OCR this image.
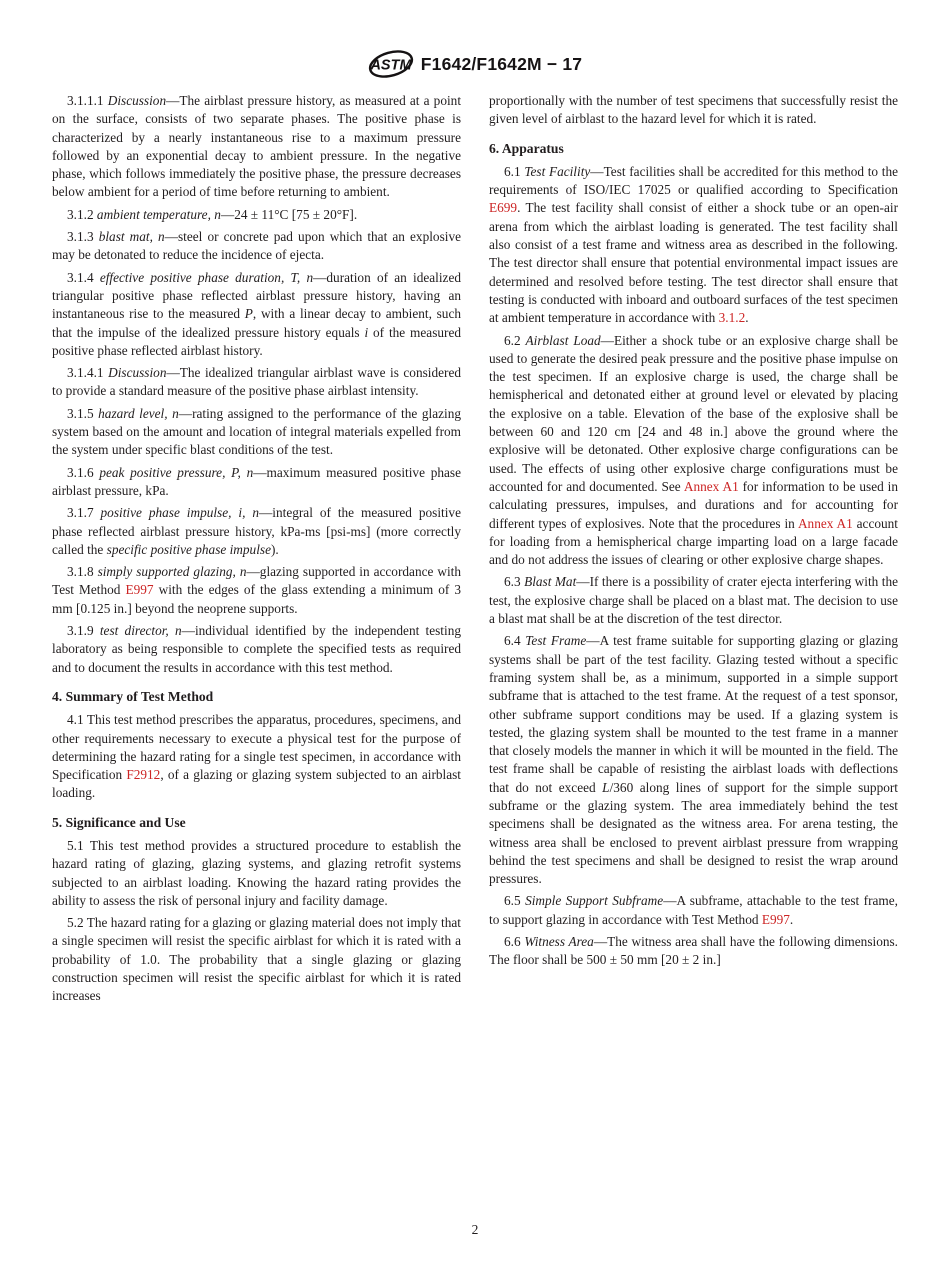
ASTM F1642/F1642M − 17

3.1.1.1 Discussion—The airblast pressure history, as measured at a point on the surface, consists of two separate phases. The positive phase is characterized by a nearly instantaneous rise to a maximum pressure followed by an exponential decay to ambient pressure. In the negative phase, which follows immediately the positive phase, the pressure decreases below ambient for a period of time before returning to ambient.

3.1.2 ambient temperature, n—24 ± 11°C [75 ± 20°F].

3.1.3 blast mat, n—steel or concrete pad upon which that an explosive may be detonated to reduce the incidence of ejecta.

3.1.4 effective positive phase duration, T, n—duration of an idealized triangular positive phase reflected airblast pressure history, having an instantaneous rise to the measured P, with a linear decay to ambient, such that the impulse of the idealized pressure history equals i of the measured positive phase reflected airblast history.

3.1.4.1 Discussion—The idealized triangular airblast wave is considered to provide a standard measure of the positive phase airblast intensity.

3.1.5 hazard level, n—rating assigned to the performance of the glazing system based on the amount and location of integral materials expelled from the system under specific blast conditions of the test.

3.1.6 peak positive pressure, P, n—maximum measured positive phase airblast pressure, kPa.

3.1.7 positive phase impulse, i, n—integral of the measured positive phase reflected airblast pressure history, kPa-ms [psi-ms] (more correctly called the specific positive phase impulse).

3.1.8 simply supported glazing, n—glazing supported in accordance with Test Method E997 with the edges of the glass extending a minimum of 3 mm [0.125 in.] beyond the neoprene supports.

3.1.9 test director, n—individual identified by the independent testing laboratory as being responsible to complete the specified tests as required and to document the results in accordance with this test method.

4. Summary of Test Method

4.1 This test method prescribes the apparatus, procedures, specimens, and other requirements necessary to execute a physical test for the purpose of determining the hazard rating for a single test specimen, in accordance with Specification F2912, of a glazing or glazing system subjected to an airblast loading.

5. Significance and Use

5.1 This test method provides a structured procedure to establish the hazard rating of glazing, glazing systems, and glazing retrofit systems subjected to an airblast loading. Knowing the hazard rating provides the ability to assess the risk of personal injury and facility damage.

5.2 The hazard rating for a glazing or glazing material does not imply that a single specimen will resist the specific airblast for which it is rated with a probability of 1.0. The probability that a single glazing or glazing construction specimen will resist the specific airblast for which it is rated increases

proportionally with the number of test specimens that successfully resist the given level of airblast to the hazard level for which it is rated.

6. Apparatus

6.1 Test Facility—Test facilities shall be accredited for this method to the requirements of ISO/IEC 17025 or qualified according to Specification E699. The test facility shall consist of either a shock tube or an open-air arena from which the airblast loading is generated. The test facility shall also consist of a test frame and witness area as described in the following. The test director shall ensure that potential environmental impact issues are determined and resolved before testing. The test director shall ensure that testing is conducted with inboard and outboard surfaces of the test specimen at ambient temperature in accordance with 3.1.2.

6.2 Airblast Load—Either a shock tube or an explosive charge shall be used to generate the desired peak pressure and the positive phase impulse on the test specimen. If an explosive charge is used, the charge shall be hemispherical and detonated either at ground level or elevated by placing the explosive on a table. Elevation of the base of the explosive shall be between 60 and 120 cm [24 and 48 in.] above the ground where the explosive will be detonated. Other explosive charge configurations can be used. The effects of using other explosive charge configurations must be accounted for and documented. See Annex A1 for information to be used in calculating pressures, impulses, and durations and for accounting for different types of explosives. Note that the procedures in Annex A1 account for loading from a hemispherical charge imparting load on a large facade and do not address the issues of clearing or other explosive charge shapes.

6.3 Blast Mat—If there is a possibility of crater ejecta interfering with the test, the explosive charge shall be placed on a blast mat. The decision to use a blast mat shall be at the discretion of the test director.

6.4 Test Frame—A test frame suitable for supporting glazing or glazing systems shall be part of the test facility. Glazing tested without a specific framing system shall be, as a minimum, supported in a simple support subframe that is attached to the test frame. At the request of a test sponsor, other subframe support conditions may be used. If a glazing system is tested, the glazing system shall be mounted to the test frame in a manner that closely models the manner in which it will be mounted in the field. The test frame shall be capable of resisting the airblast loads with deflections that do not exceed L/360 along lines of support for the simple support subframe or the glazing system. The area immediately behind the test specimens shall be designated as the witness area. For arena testing, the witness area shall be enclosed to prevent airblast pressure from wrapping behind the test specimens and shall be designed to resist the wrap around pressures.

6.5 Simple Support Subframe—A subframe, attachable to the test frame, to support glazing in accordance with Test Method E997.

6.6 Witness Area—The witness area shall have the following dimensions. The floor shall be 500 ± 50 mm [20 ± 2 in.]

2
